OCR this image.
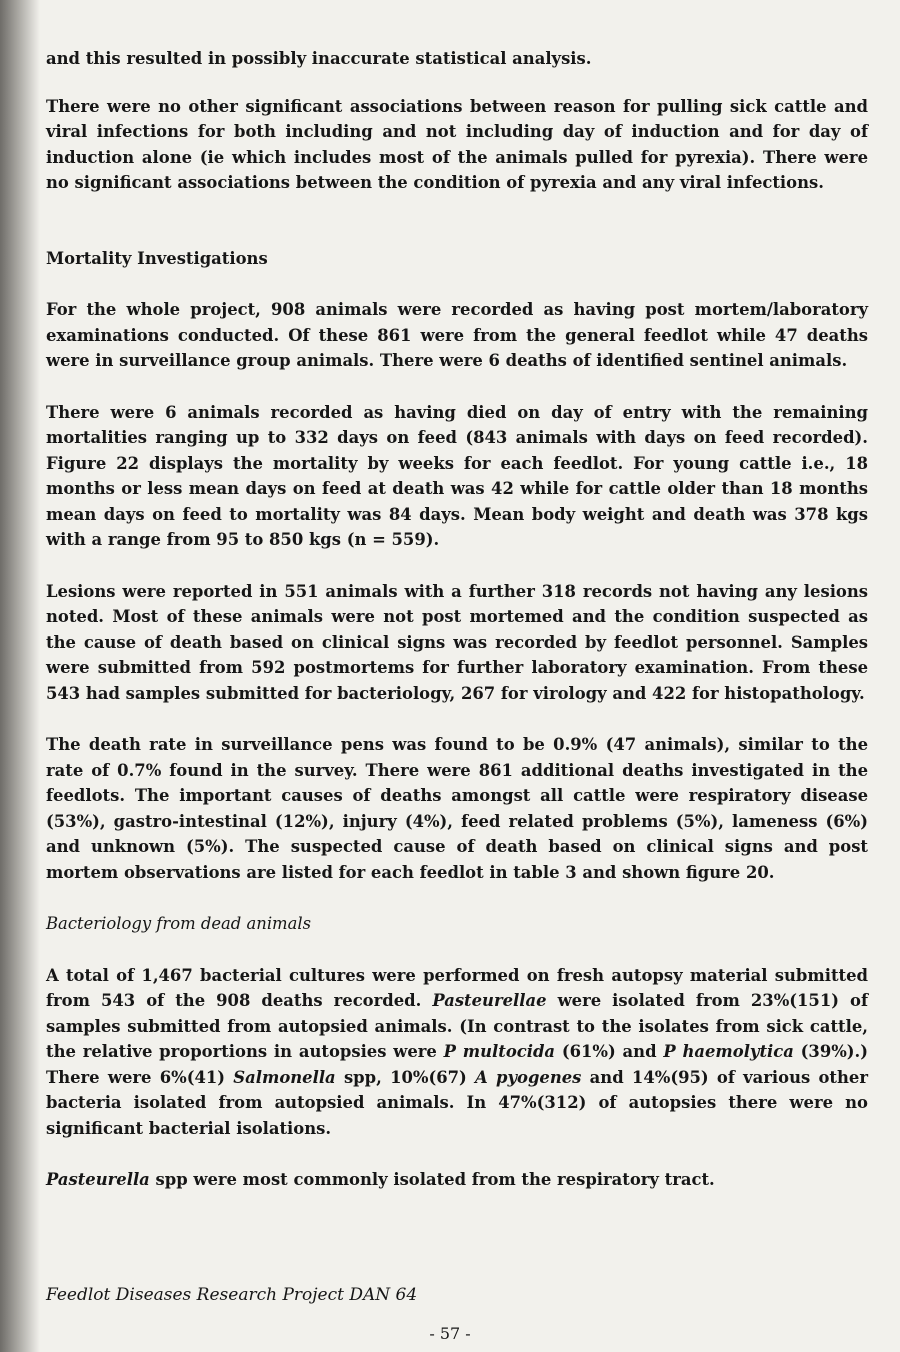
and this resulted in possibly inaccurate statistical analysis.

There were no other significant associations between reason for pulling sick cattle and viral infections for both including and not including day of induction and for day of induction alone (ie which includes most of the animals pulled for pyrexia). There were no significant associations between the condition of pyrexia and any viral infections.

Mortality Investigations

For the whole project, 908 animals were recorded as having post mortem/laboratory examinations conducted. Of these 861 were from the general feedlot while 47 deaths were in surveillance group animals. There were 6 deaths of identified sentinel animals.

There were 6 animals recorded as having died on day of entry with the remaining mortalities ranging up to 332 days on feed (843 animals with days on feed recorded). Figure 22 displays the mortality by weeks for each feedlot. For young cattle i.e., 18 months or less mean days on feed at death was 42 while for cattle older than 18 months mean days on feed to mortality was 84 days. Mean body weight and death was 378 kgs with a range from 95 to 850 kgs (n = 559).

Lesions were reported in 551 animals with a further 318 records not having any lesions noted. Most of these animals were not post mortemed and the condition suspected as the cause of death based on clinical signs was recorded by feedlot personnel. Samples were submitted from 592 postmortems for further laboratory examination. From these 543 had samples submitted for bacteriology, 267 for virology and 422 for histopathology.

The death rate in surveillance pens was found to be 0.9% (47 animals), similar to the rate of 0.7% found in the survey. There were 861 additional deaths investigated in the feedlots. The important causes of deaths amongst all cattle were respiratory disease (53%), gastro-intestinal (12%), injury (4%), feed related problems (5%), lameness (6%) and unknown (5%). The suspected cause of death based on clinical signs and post mortem observations are listed for each feedlot in table 3 and shown figure 20.

Bacteriology from dead animals

A total of 1,467 bacterial cultures were performed on fresh autopsy material submitted from 543 of the 908 deaths recorded. Pasteurellae were isolated from 23%(151) of samples submitted from autopsied animals. (In contrast to the isolates from sick cattle, the relative proportions in autopsies were P multocida (61%) and P haemolytica (39%).) There were 6%(41) Salmonella spp, 10%(67) A pyogenes and 14%(95) of various other bacteria isolated from autopsied animals. In 47%(312) of autopsies there were no significant bacterial isolations.

Pasteurella spp were most commonly isolated from the respiratory tract.

Feedlot Diseases Research Project DAN 64
- 57 -
